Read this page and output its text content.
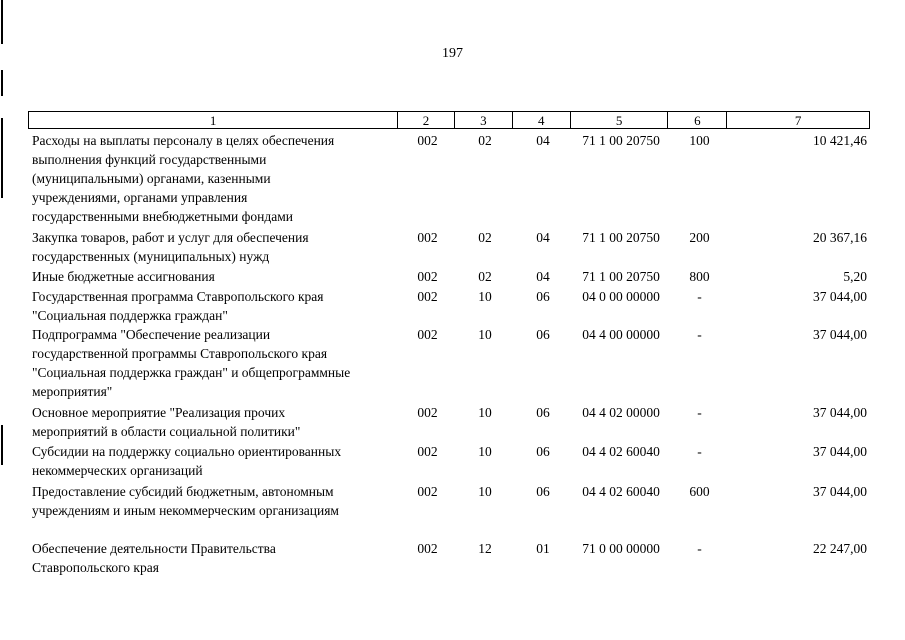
197
1	2	3	4	5	6	7
Расходы на выплаты персоналу в целях обеспечения
выполнения функций государственными
(муниципальными) органами, казенными
учреждениями, органами управления
государственными внебюджетными фондами
002	02	04	71 1 00 20750	100	10 421,46
Закупка товаров, работ и услуг для обеспечения
государственных (муниципальных) нужд
002	02	04	71 1 00 20750	200	20 367,16
Иные бюджетные ассигнования	002	02	04	71 1 00 20750	800	5,20
Государственная программа Ставропольского края
"Социальная поддержка граждан"
002	10	06	04 0 00 00000	-	37 044,00
Подпрограмма "Обеспечение реализации
государственной программы Ставропольского края
"Социальная поддержка граждан" и общепрограммные
мероприятия"
002	10	06	04 4 00 00000	-	37 044,00
Основное мероприятие "Реализация прочих
мероприятий в области социальной политики"
002	10	06	04 4 02 00000	-	37 044,00
Субсидии на поддержку социально ориентированных
некоммерческих организаций
002	10	06	04 4 02 60040	-	37 044,00
Предоставление субсидий бюджетным, автономным
учреждениям и иным некоммерческим организациям
002	10	06	04 4 02 60040	600	37 044,00
Обеспечение деятельности Правительства
Ставропольского края
002	12	01	71 0 00 00000	-	22 247,00
